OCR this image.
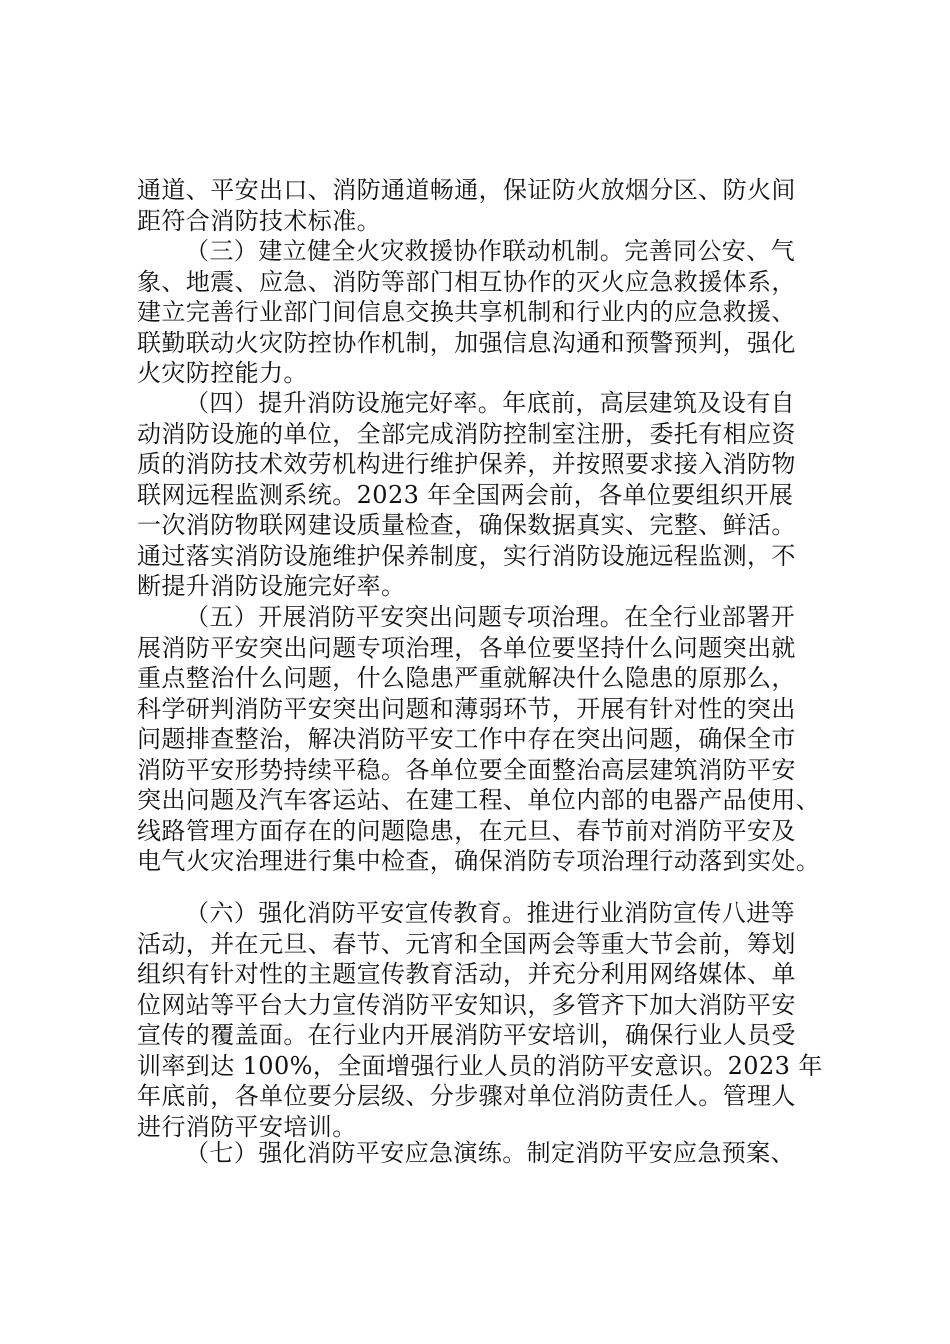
通道、平安出口、消防通道畅通，保证防火放烟分区、防火间
距符合消防技术标准。
（三）建立健全火灾救援协作联动机制。完善同公安、气
象、地震、应急、消防等部门相互协作的灭火应急救援体系，
建立完善行业部门间信息交换共享机制和行业内的应急救援、
联勤联动火灾防控协作机制，加强信息沟通和预警预判，强化
火灾防控能力。
（四）提升消防设施完好率。年底前，高层建筑及设有自
动消防设施的单位，全部完成消防控制室注册，委托有相应资
质的消防技术效劳机构进行维护保养，并按照要求接入消防物
联网远程监测系统。2023 年全国两会前，各单位要组织开展
一次消防物联网建设质量检查，确保数据真实、完整、鲜活。
通过落实消防设施维护保养制度，实行消防设施远程监测，不
断提升消防设施完好率。
（五）开展消防平安突出问题专项治理。在全行业部署开
展消防平安突出问题专项治理，各单位要坚持什么问题突出就
重点整治什么问题，什么隐患严重就解决什么隐患的原那么，
科学研判消防平安突出问题和薄弱环节，开展有针对性的突出
问题排查整治，解决消防平安工作中存在突出问题，确保全市
消防平安形势持续平稳。各单位要全面整治高层建筑消防平安
突出问题及汽车客运站、在建工程、单位内部的电器产品使用、
线路管理方面存在的问题隐患，在元旦、春节前对消防平安及
电气火灾治理进行集中检查，确保消防专项治理行动落到实处。
（六）强化消防平安宣传教育。推进行业消防宣传八进等
活动，并在元旦、春节、元宵和全国两会等重大节会前，筹划
组织有针对性的主题宣传教育活动，并充分利用网络媒体、单
位网站等平台大力宣传消防平安知识，多管齐下加大消防平安
宣传的覆盖面。在行业内开展消防平安培训，确保行业人员受
训率到达 100%，全面增强行业人员的消防平安意识。2023 年
年底前，各单位要分层级、分步骤对单位消防责任人。管理人
进行消防平安培训。
（七）强化消防平安应急演练。制定消防平安应急预案、
